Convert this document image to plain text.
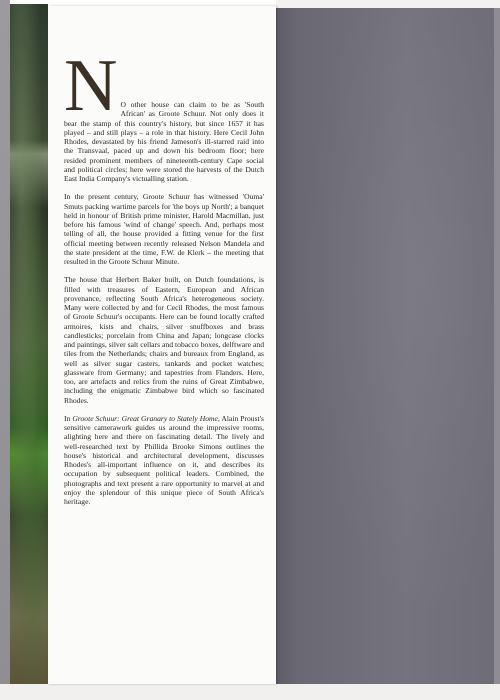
N O other house can claim to be as 'South African' as Groote Schuur. Not only does it bear the stamp of this country's history, but since 1657 it has played – and still plays – a role in that history. Here Cecil John Rhodes, devastated by his friend Jameson's ill-starred raid into the Transvaal, paced up and down his bedroom floor; here resided prominent members of nineteenth-century Cape social and political circles; here were stored the harvests of the Dutch East India Company's victualling station.

In the present century, Groote Schuur has witnessed 'Ouma' Smuts packing wartime parcels for 'the boys up North'; a banquet held in honour of British prime minister, Harold Macmillan, just before his famous 'wind of change' speech. And, perhaps most telling of all, the house provided a fitting venue for the first official meeting between recently released Nelson Mandela and the state president at the time, F.W. de Klerk – the meeting that resulted in the Groote Schuur Minute.

The house that Herbert Baker built, on Dutch foundations, is filled with treasures of Eastern, European and African provenance, reflecting South Africa's heterogeneous society. Many were collected by and for Cecil Rhodes, the most famous of Groote Schuur's occupants. Here can be found locally crafted armoires, kists and chairs, silver snuffboxes and brass candlesticks; porcelain from China and Japan; longcase clocks and paintings, silver salt cellars and tobacco boxes, delftware and tiles from the Netherlands; chairs and bureaux from England, as well as silver sugar casters, tankards and pocket watches; glassware from Germany; and tapestries from Flanders. Here, too, are artefacts and relics from the ruins of Great Zimbabwe, including the enigmatic Zimbabwe bird which so fascinated Rhodes.

In Groote Schuur: Great Granary to Stately Home, Alain Proust's sensitive camerawork guides us around the impressive rooms, alighting here and there on fascinating detail. The lively and well-researched text by Phillida Brooke Simons outlines the house's historical and architectural development, discusses Rhodes's all-important influence on it, and describes its occupation by subsequent political leaders. Combined, the photographs and text present a rare opportunity to marvel at and enjoy the splendour of this unique piece of South Africa's heritage.
